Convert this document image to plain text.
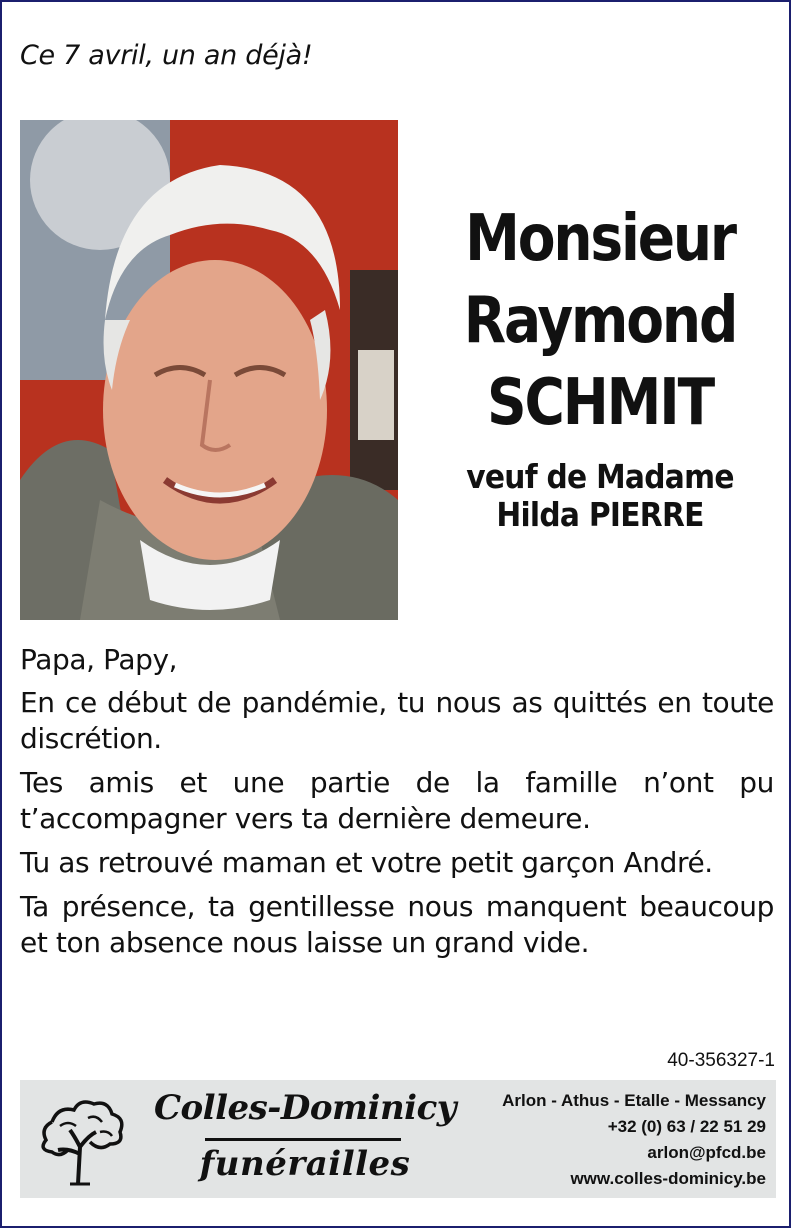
Ce 7 avril, un an déjà!
Monsieur
Raymond
SCHMIT
veuf de Madame
Hilda PIERRE

Papa, Papy,

En ce début de pandémie, tu nous as quittés en toute discrétion.

Tes amis et une partie de la famille n’ont pu t’accompagner vers ta dernière demeure.

Tu as retrouvé maman et votre petit garçon André.

Ta présence, ta gentillesse nous manquent beaucoup et ton absence nous laisse un grand vide.

40-356327-1
Colles-Dominicy
funérailles
Arlon - Athus - Etalle - Messancy
+32 (0) 63 / 22 51 29
arlon@pfcd.be
www.colles-dominicy.be
